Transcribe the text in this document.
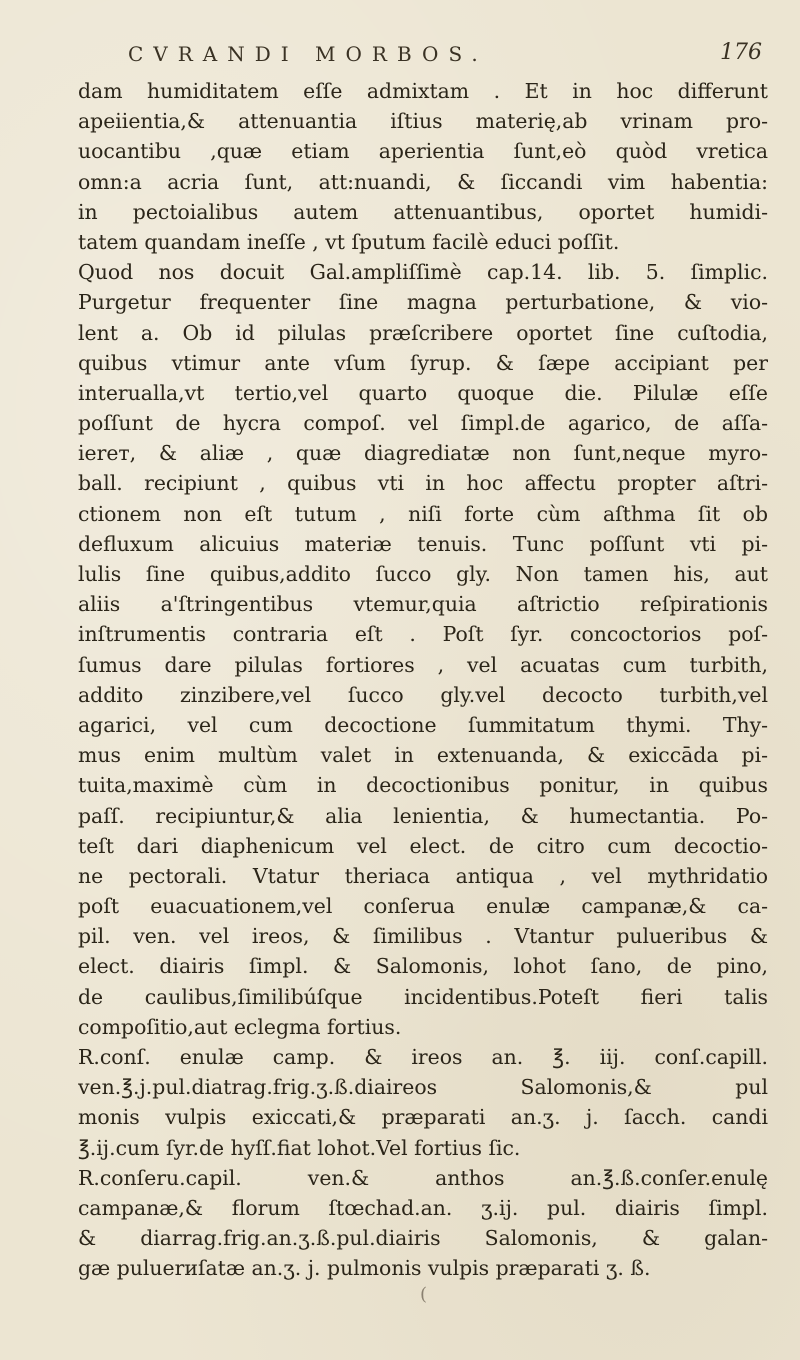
CVRANDI MORBOS.	176
dam humiditatem eſſe admixtam . Et in hoc differunt
apeiientia,& attenuantia iſtius materię,ab vrinam pro-
uocantibu ,quæ etiam aperientia ſunt,eò quòd vretica
omn:a acria ſunt, att:nuandi, & ſiccandi vim habentia:
in pectoialibus autem attenuantibus, oportet humidi-
tatem quandam ineſſe , vt ſputum facilè educi poſſit.
Quod nos docuit Gal.ampliſſimè cap.14. lib. 5. ſimplic.
Purgetur frequenter ſine magna perturbatione, & vio-
lent a. Ob id pilulas præſcribere oportet ſine cuſtodia,
quibus vtimur ante vſum ſyrup. & ſæpe accipiant per
interualla,vt tertio,vel quarto quoque die. Pilulæ eſſe
poſſunt de hycra compoſ. vel ſimpl.de agarico, de aſſa-
iereт, & aliæ , quæ diagrediatæ non ſunt,neque myro-
ball. recipiunt , quibus vti in hoc affectu propter aſtri-
ctionem non eſt tutum , niſi forte cùm aſthma ſit ob
defluxum alicuius materiæ tenuis. Tunc poſſunt vti pi-
lulis ſine quibus,addito ſucco gly. Non tamen his, aut
aliis a'ſtringentibus vtemur,quia aſtrictio reſpirationis
inſtrumentis contraria eſt . Poſt ſyr. concoctorios poſ-
ſumus dare pilulas fortiores , vel acuatas cum turbith,
addito zinzibere,vel ſucco gly.vel decocto turbith,vel
agarici, vel cum decoctione ſummitatum thymi. Thy-
mus enim multùm valet in extenuanda, & exiccāda pi-
tuita,maximè cùm in decoctionibus ponitur, in quibus
paſſ. recipiuntur,& alia lenientia, & humectantia. Po-
teſt dari diaphenicum vel elect. de citro cum decoctio-
ne pectorali. Vtatur theriaca antiqua , vel mythridatio
poſt euacuationem,vel conſerua enulæ campanæ,& ca-
pil. ven. vel ireos, & ſimilibus . Vtantur puluеribus &
elect. diairis ſimpl. & Salomonis, lohot ſano, de pino,
de caulibus,ſimilibúſque incidentibus.Poteſt fieri talis
compoſitio,aut eclegma fortius.
R.conſ. enulæ camp. & ireos an. ℥. iij. conſ.capill.
ven.℥.j.pul.diatrag.frig.ʒ.ß.diaireos Salomonis,& pul
monis vulpis exiccati,& præparati an.ʒ. j. ſacch. candi
℥.ij.cum ſyr.de hyſſ.fiat lohot.Vel fortius ſic.
R.conſeru.capil. ven.& anthos an.℥.ß.conſer.enulę
campanæ,& florum ſtœchad.an. ʒ.ij. pul. diairis ſimpl.
& diarrag.frig.an.ʒ.ß.pul.diairis Salomonis, & galan-
gæ puluerиſatæ an.ʒ. j. pulmonis vulpis præparati ʒ. ß.
(
